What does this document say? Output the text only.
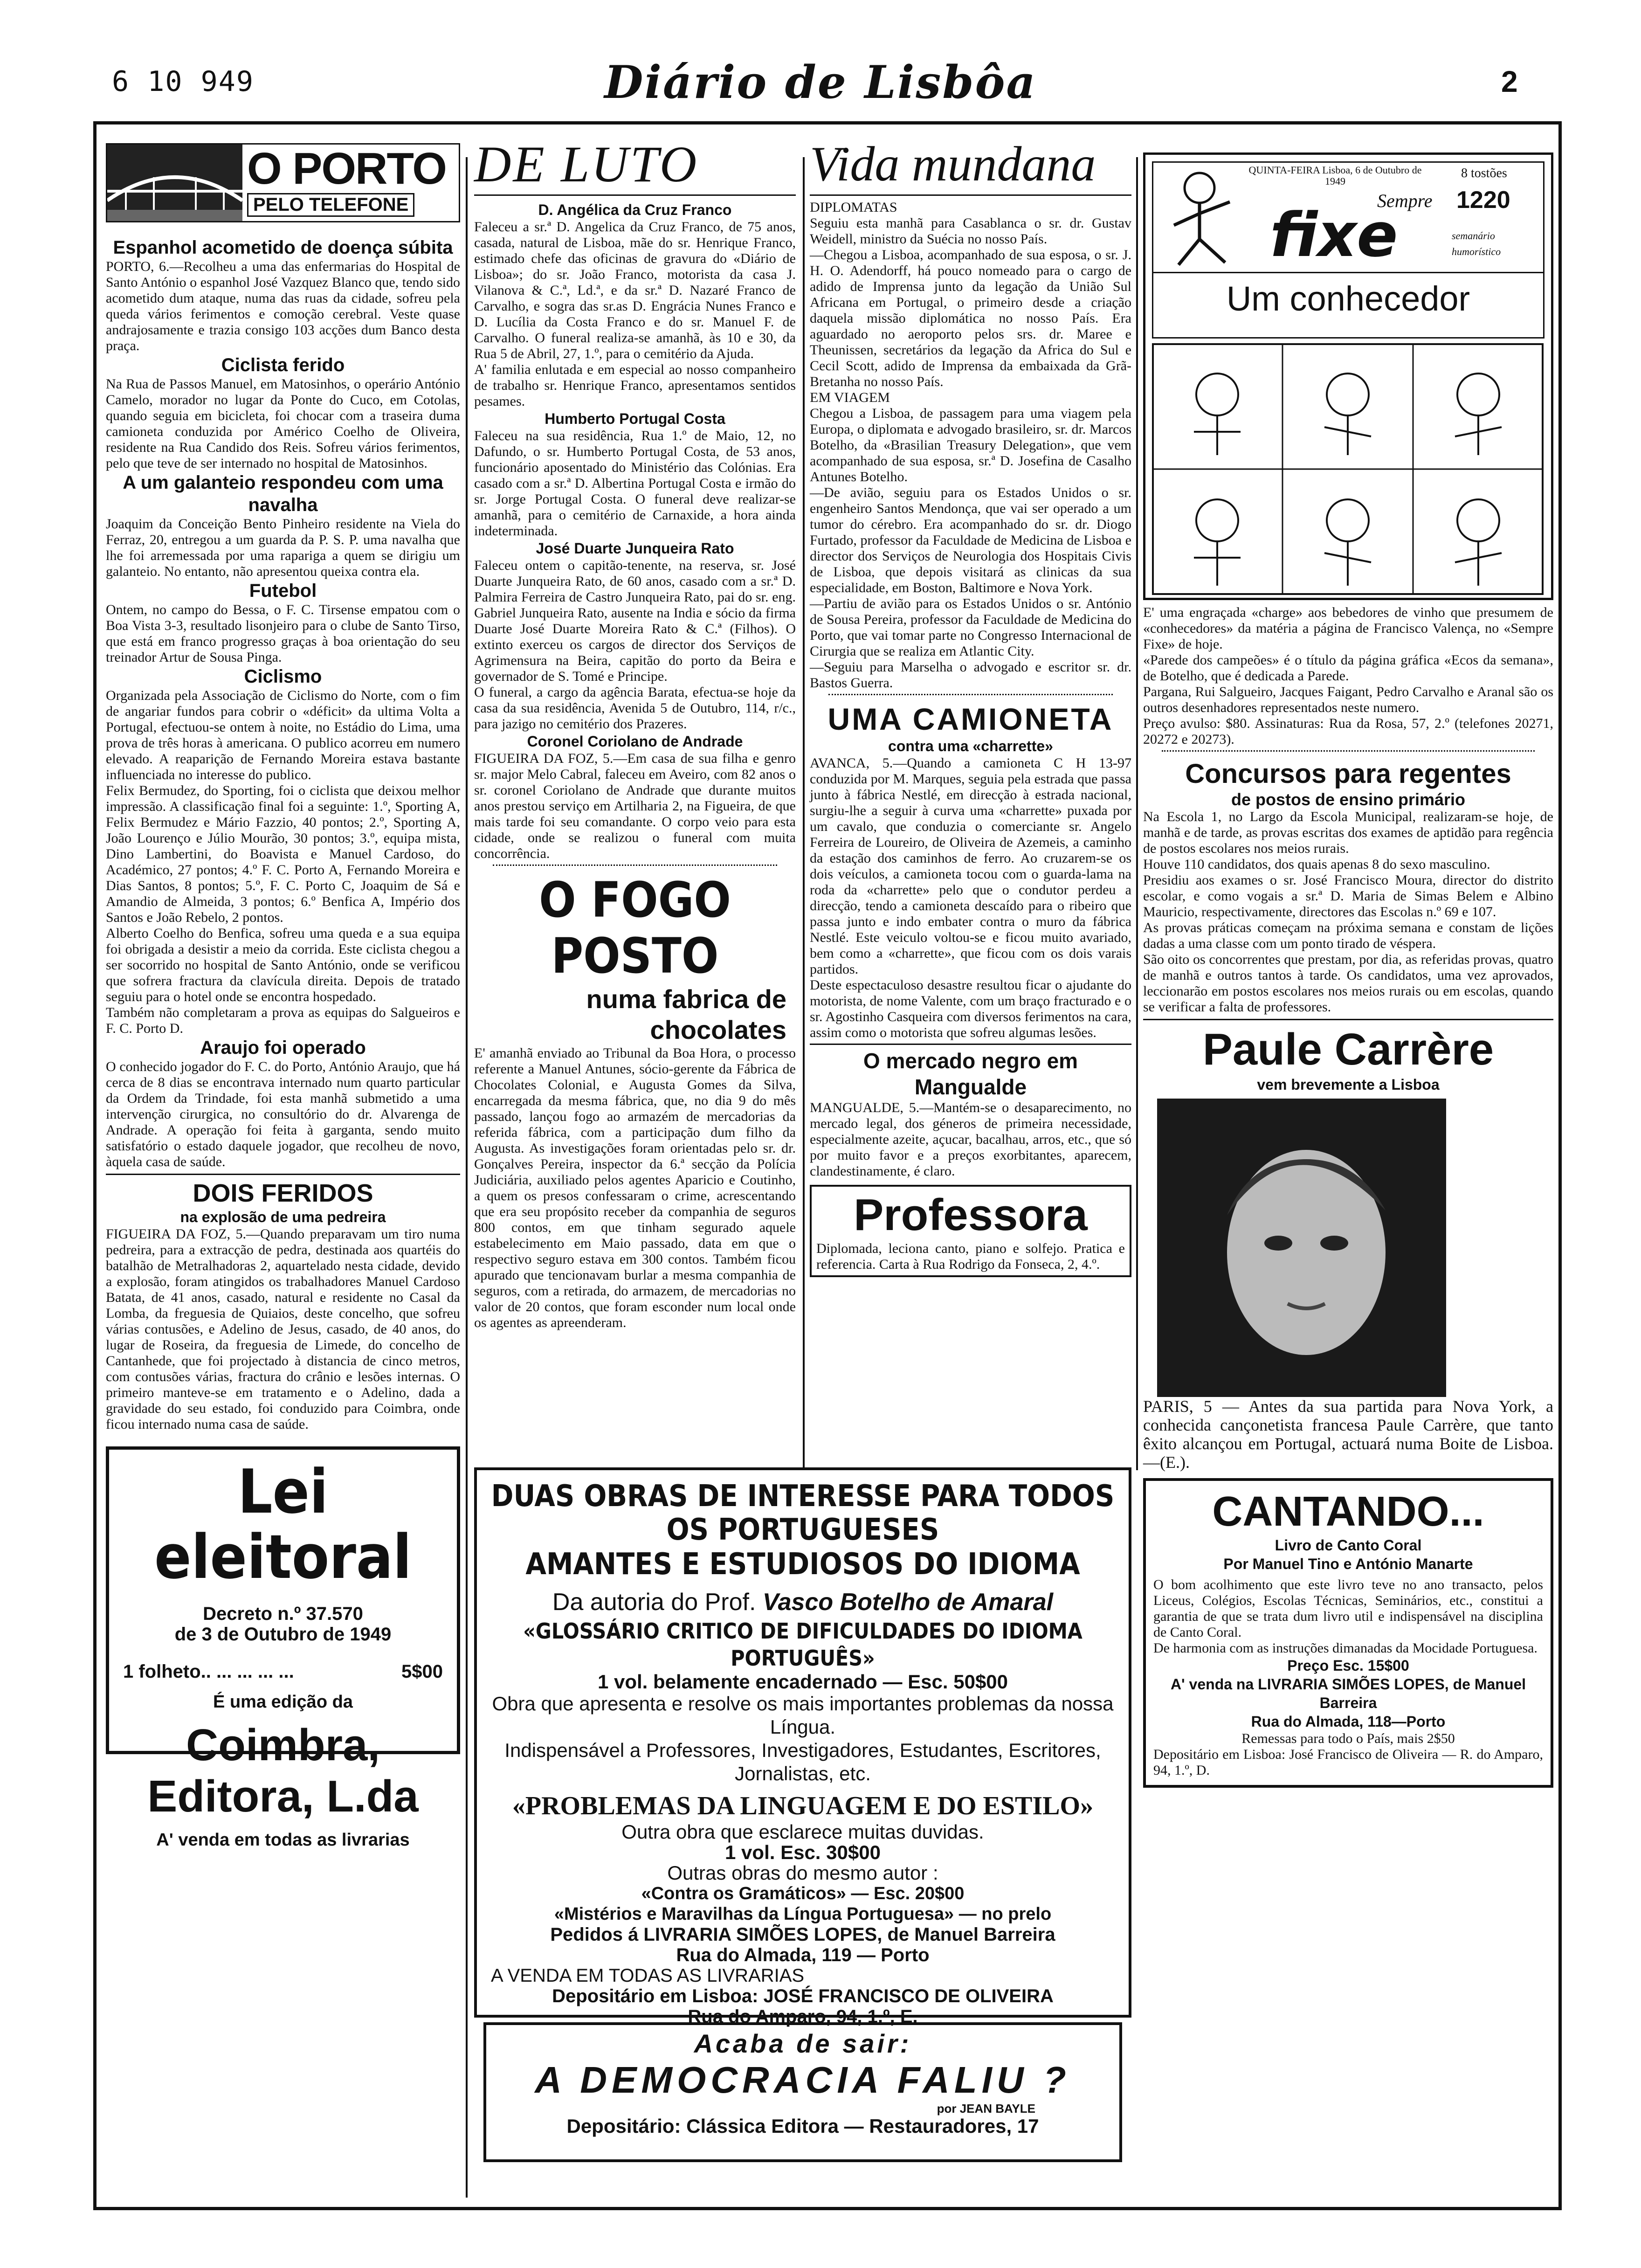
6 10 949	Diário de Lisbôa	2
O PORTO
PELO TELEFONE
Espanhol acometido de doença súbita

PORTO, 6.—Recolheu a uma das enfermarias do Hospital de Santo António o espanhol José Vazquez Blanco que, tendo sido acometido dum ataque, numa das ruas da cidade, sofreu pela queda vários ferimentos e comoção cerebral. Veste quase andrajosamente e trazia consigo 103 acções dum Banco desta praça.

Ciclista ferido

Na Rua de Passos Manuel, em Matosinhos, o operário António Camelo, morador no lugar da Ponte do Cuco, em Cotolas, quando seguia em bicicleta, foi chocar com a traseira duma camioneta conduzida por Américo Coelho de Oliveira, residente na Rua Candido dos Reis. Sofreu vários ferimentos, pelo que teve de ser internado no hospital de Matosinhos.

A um galanteio respondeu com uma navalha

Joaquim da Conceição Bento Pinheiro residente na Viela do Ferraz, 20, entregou a um guarda da P. S. P. uma navalha que lhe foi arremessada por uma rapariga a quem se dirigiu um galanteio. No entanto, não apresentou queixa contra ela.

Futebol

Ontem, no campo do Bessa, o F. C. Tirsense empatou com o Boa Vista 3-3, resultado lisonjeiro para o clube de Santo Tirso, que está em franco progresso graças à boa orientação do seu treinador Artur de Sousa Pinga.

Ciclismo

Organizada pela Associação de Ciclismo do Norte, com o fim de angariar fundos para cobrir o «déficit» da ultima Volta a Portugal, efectuou-se ontem à noite, no Estádio do Lima, uma prova de três horas à americana. O publico acorreu em numero elevado. A reaparição de Fernando Moreira estava bastante influenciada no interesse do publico.

Felix Bermudez, do Sporting, foi o ciclista que deixou melhor impressão. A classificação final foi a seguinte: 1.º, Sporting A, Felix Bermudez e Mário Fazzio, 40 pontos; 2.º, Sporting A, João Lourenço e Júlio Mourão, 30 pontos; 3.º, equipa mista, Dino Lambertini, do Boavista e Manuel Cardoso, do Académico, 27 pontos; 4.º F. C. Porto A, Fernando Moreira e Dias Santos, 8 pontos; 5.º, F. C. Porto C, Joaquim de Sá e Amandio de Almeida, 3 pontos; 6.º Benfica A, Império dos Santos e João Rebelo, 2 pontos.

Alberto Coelho do Benfica, sofreu uma queda e a sua equipa foi obrigada a desistir a meio da corrida. Este ciclista chegou a ser socorrido no hospital de Santo António, onde se verificou que sofrera fractura da clavícula direita. Depois de tratado seguiu para o hotel onde se encontra hospedado.

Também não completaram a prova as equipas do Salgueiros e F. C. Porto D.

Araujo foi operado

O conhecido jogador do F. C. do Porto, António Araujo, que há cerca de 8 dias se encontrava internado num quarto particular da Ordem da Trindade, foi esta manhã submetido a uma intervenção cirurgica, no consultório do dr. Alvarenga de Andrade. A operação foi feita à garganta, sendo muito satisfatório o estado daquele jogador, que recolheu de novo, àquela casa de saúde.

DOIS FERIDOS
na explosão de uma pedreira

FIGUEIRA DA FOZ, 5.—Quando preparavam um tiro numa pedreira, para a extracção de pedra, destinada aos quartéis do batalhão de Metralhadoras 2, aquartelado nesta cidade, devido a explosão, foram atingidos os trabalhadores Manuel Cardoso Batata, de 41 anos, casado, natural e residente no Casal da Lomba, da freguesia de Quiaios, deste concelho, que sofreu várias contusões, e Adelino de Jesus, casado, de 40 anos, do lugar de Roseira, da freguesia de Limede, do concelho de Cantanhede, que foi projectado à distancia de cinco metros, com contusões várias, fractura do crânio e lesões internas. O primeiro manteve-se em tratamento e o Adelino, dada a gravidade do seu estado, foi conduzido para Coimbra, onde ficou internado numa casa de saúde.

Lei eleitoral
Decreto n.º 37.570
de 3 de Outubro de 1949
1 folheto.. ... ... ... ...	5$00
É uma edição da
Coimbra, Editora, L.da
A' venda em todas as livrarias
DE LUTO
D. Angélica da Cruz Franco

Faleceu a sr.ª D. Angelica da Cruz Franco, de 75 anos, casada, natural de Lisboa, mãe do sr. Henrique Franco, estimado chefe das oficinas de gravura do «Diário de Lisboa»; do sr. João Franco, motorista da casa J. Vilanova & C.ª, Ld.ª, e da sr.ª D. Nazaré Franco de Carvalho, e sogra das sr.as D. Engrácia Nunes Franco e D. Lucília da Costa Franco e do sr. Manuel F. de Carvalho. O funeral realiza-se amanhã, às 10 e 30, da Rua 5 de Abril, 27, 1.º, para o cemitério da Ajuda.

A' familia enlutada e em especial ao nosso companheiro de trabalho sr. Henrique Franco, apresentamos sentidos pesames.

Humberto Portugal Costa

Faleceu na sua residência, Rua 1.º de Maio, 12, no Dafundo, o sr. Humberto Portugal Costa, de 53 anos, funcionário aposentado do Ministério das Colónias. Era casado com a sr.ª D. Albertina Portugal Costa e irmão do sr. Jorge Portugal Costa. O funeral deve realizar-se amanhã, para o cemitério de Carnaxide, a hora ainda indeterminada.

José Duarte Junqueira Rato

Faleceu ontem o capitão-tenente, na reserva, sr. José Duarte Junqueira Rato, de 60 anos, casado com a sr.ª D. Palmira Ferreira de Castro Junqueira Rato, pai do sr. eng. Gabriel Junqueira Rato, ausente na India e sócio da firma Duarte José Duarte Moreira Rato & C.ª (Filhos). O extinto exerceu os cargos de director dos Serviços de Agrimensura na Beira, capitão do porto da Beira e governador de S. Tomé e Principe.

O funeral, a cargo da agência Barata, efectua-se hoje da casa da sua residência, Avenida 5 de Outubro, 114, r/c., para jazigo no cemitério dos Prazeres.

Coronel Coriolano de Andrade

FIGUEIRA DA FOZ, 5.—Em casa de sua filha e genro sr. major Melo Cabral, faleceu em Aveiro, com 82 anos o sr. coronel Coriolano de Andrade que durante muitos anos prestou serviço em Artilharia 2, na Figueira, de que mais tarde foi seu comandante. O corpo veio para esta cidade, onde se realizou o funeral com muita concorrência.

O FOGO POSTO
numa fabrica de chocolates

E' amanhã enviado ao Tribunal da Boa Hora, o processo referente a Manuel Antunes, sócio-gerente da Fábrica de Chocolates Colonial, e Augusta Gomes da Silva, encarregada da mesma fábrica, que, no dia 9 do mês passado, lançou fogo ao armazém de mercadorias da referida fábrica, com a participação dum filho da Augusta. As investigações foram orientadas pelo sr. dr. Gonçalves Pereira, inspector da 6.ª secção da Polícia Judiciária, auxiliado pelos agentes Aparicio e Coutinho, a quem os presos confessaram o crime, acrescentando que era seu propósito receber da companhia de seguros 800 contos, em que tinham segurado aquele estabelecimento em Maio passado, data em que o respectivo seguro estava em 300 contos. Também ficou apurado que tencionavam burlar a mesma companhia de seguros, com a retirada, do armazem, de mercadorias no valor de 20 contos, que foram esconder num local onde os agentes as apreenderam.

Vida mundana
DIPLOMATAS

Seguiu esta manhã para Casablanca o sr. dr. Gustav Weidell, ministro da Suécia no nosso País.

—Chegou a Lisboa, acompanhado de sua esposa, o sr. J. H. O. Adendorff, há pouco nomeado para o cargo de adido de Imprensa junto da legação da União Sul Africana em Portugal, o primeiro desde a criação daquela missão diplomática no nosso País. Era aguardado no aeroporto pelos srs. dr. Maree e Theunissen, secretários da legação da Africa do Sul e Cecil Scott, adido de Imprensa da embaixada da Grã-Bretanha no nosso País.

EM VIAGEM

Chegou a Lisboa, de passagem para uma viagem pela Europa, o diplomata e advogado brasileiro, sr. dr. Marcos Botelho, da «Brasilian Treasury Delegation», que vem acompanhado de sua esposa, sr.ª D. Josefina de Casalho Antunes Botelho.

—De avião, seguiu para os Estados Unidos o sr. engenheiro Santos Mendonça, que vai ser operado a um tumor do cérebro. Era acompanhado do sr. dr. Diogo Furtado, professor da Faculdade de Medicina de Lisboa e director dos Serviços de Neurologia dos Hospitais Civis de Lisboa, que depois visitará as clinicas da sua especialidade, em Boston, Baltimore e Nova York.

—Partiu de avião para os Estados Unidos o sr. António de Sousa Pereira, professor da Faculdade de Medicina do Porto, que vai tomar parte no Congresso Internacional de Cirurgia que se realiza em Atlantic City.

—Seguiu para Marselha o advogado e escritor sr. dr. Bastos Guerra.

UMA CAMIONETA
contra uma «charrette»

AVANCA, 5.—Quando a camioneta C H 13-97 conduzida por M. Marques, seguia pela estrada que passa junto à fábrica Nestlé, em direcção à estrada nacional, surgiu-lhe a seguir à curva uma «charrette» puxada por um cavalo, que conduzia o comerciante sr. Angelo Ferreira de Loureiro, de Oliveira de Azemeis, a caminho da estação dos caminhos de ferro. Ao cruzarem-se os dois veículos, a camioneta tocou com o guarda-lama na roda da «charrette» pelo que o condutor perdeu a direcção, tendo a camioneta descaído para o ribeiro que passa junto e indo embater contra o muro da fábrica Nestlé. Este veiculo voltou-se e ficou muito avariado, bem como a «charrette», que ficou com os dois varais partidos.

Deste espectaculoso desastre resultou ficar o ajudante do motorista, de nome Valente, com um braço fracturado e o sr. Agostinho Casqueira com diversos ferimentos na cara, assim como o motorista que sofreu algumas lesões.

O mercado negro em Mangualde

MANGUALDE, 5.—Mantém-se o desaparecimento, no mercado legal, dos géneros de primeira necessidade, especialmente azeite, açucar, bacalhau, arros, etc., que só por muito favor e a preços exorbitantes, aparecem, clandestinamente, é claro.

Professora

Diplomada, leciona canto, piano e solfejo. Pratica e referencia. Carta à Rua Rodrigo da Fonseca, 2, 4.º.

QUINTA-FEIRA Lisboa, 6 de Outubro de 1949
8 tostões
1220
Sempre
fixe	semanário humorístico
Um conhecedor

E' uma engraçada «charge» aos bebedores de vinho que presumem de «conhecedores» da matéria a página de Francisco Valença, no «Sempre Fixe» de hoje.

«Parede dos campeões» é o título da página gráfica «Ecos da semana», de Botelho, que é dedicada a Parede.

Pargana, Rui Salgueiro, Jacques Faigant, Pedro Carvalho e Aranal são os outros desenhadores representados neste numero.

Preço avulso: $80. Assinaturas: Rua da Rosa, 57, 2.º (telefones 20271, 20272 e 20273).

Concursos para regentes
de postos de ensino primário

Na Escola 1, no Largo da Escola Municipal, realizaram-se hoje, de manhã e de tarde, as provas escritas dos exames de aptidão para regência de postos escolares nos meios rurais.

Houve 110 candidatos, dos quais apenas 8 do sexo masculino.

Presidiu aos exames o sr. José Francisco Moura, director do distrito escolar, e como vogais a sr.ª D. Maria de Simas Belem e Albino Mauricio, respectivamente, directores das Escolas n.º 69 e 107.

As provas práticas começam na próxima semana e constam de lições dadas a uma classe com um ponto tirado de véspera.

São oito os concorrentes que prestam, por dia, as referidas provas, quatro de manhã e outros tantos à tarde. Os candidatos, uma vez aprovados, leccionarão em postos escolares nos meios rurais ou em escolas, quando se verificar a falta de professores.

Paule Carrère
vem brevemente a Lisboa

PARIS, 5 — Antes da sua partida para Nova York, a conhecida cançonetista francesa Paule Carrère, que tanto êxito alcançou em Portugal, actuará numa Boite de Lisboa.—(E.).

CANTANDO...
Livro de Canto Coral
Por Manuel Tino e António Manarte

O bom acolhimento que este livro teve no ano transacto, pelos Liceus, Colégios, Escolas Técnicas, Seminários, etc., constitui a garantia de que se trata dum livro util e indispensável na disciplina de Canto Coral.

De harmonia com as instruções dimanadas da Mocidade Portuguesa.

Preço Esc. 15$00
A' venda na LIVRARIA SIMÕES LOPES, de Manuel Barreira
Rua do Almada, 118—Porto

Remessas para todo o País, mais 2$50

Depositário em Lisboa: José Francisco de Oliveira — R. do Amparo, 94, 1.º, D.

DUAS OBRAS DE INTERESSE PARA TODOS OS PORTUGUESES
AMANTES E ESTUDIOSOS DO IDIOMA
Da autoria do Prof. Vasco Botelho de Amaral
«GLOSSÁRIO CRITICO DE DIFICULDADES DO IDIOMA PORTUGUÊS»
1 vol. belamente encadernado — Esc. 50$00
Obra que apresenta e resolve os mais importantes problemas da nossa Língua.
Indispensável a Professores, Investigadores, Estudantes, Escritores, Jornalistas, etc.
«PROBLEMAS DA LINGUAGEM E DO ESTILO»
Outra obra que esclarece muitas duvidas.
1 vol. Esc. 30$00
Outras obras do mesmo autor :
«Contra os Gramáticos» — Esc. 20$00
«Mistérios e Maravilhas da Língua Portuguesa» — no prelo
Pedidos á LIVRARIA SIMÕES LOPES, de Manuel Barreira
Rua do Almada, 119 — Porto
A VENDA EM TODAS AS LIVRARIAS
Depositário em Lisboa: JOSÉ FRANCISCO DE OLIVEIRA
Rua do Amparo, 94, 1.º, E.
Acaba de sair:
A DEMOCRACIA FALIU ?
por JEAN BAYLE
Depositário: Clássica Editora — Restauradores, 17
